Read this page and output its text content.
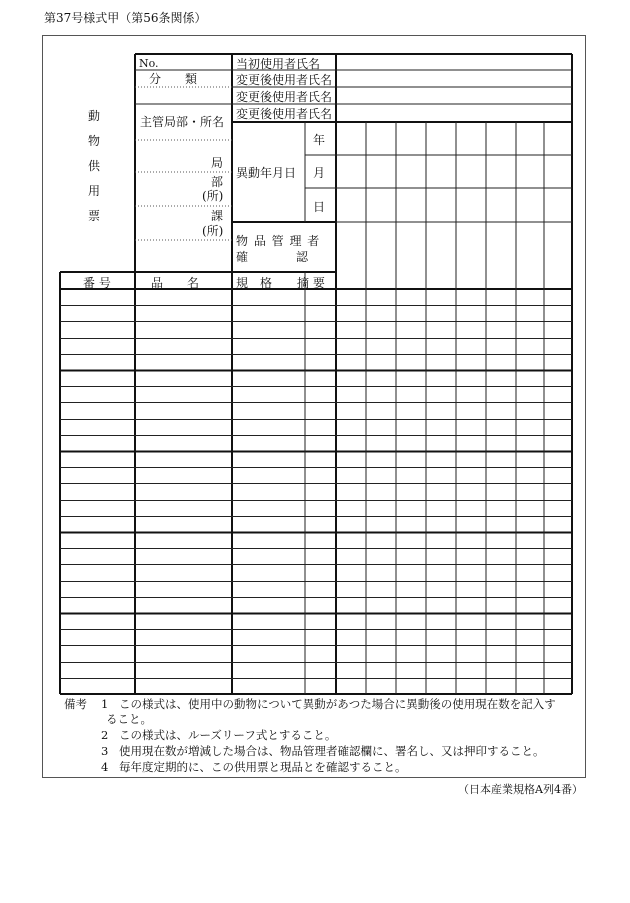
第37号様式甲（第56条関係）
動
物
供
用
票
No.
分　　類
主管局部・所名
局
部
(所)
課
(所)
当初使用者氏名
変更後使用者氏名
変更後使用者氏名
変更後使用者氏名
異動年月日
年
月
日
物 品 管 理 者
確　　　　認
番 号	品　　名	規　格 摘 要
備考 1 この様式は、使用中の動物について異動があつた場合に異動後の使用現在数を記入す
ること。
2 この様式は、ルーズリーフ式とすること。
3 使用現在数が増減した場合は、物品管理者確認欄に、署名し、又は押印すること。
4 毎年度定期的に、この供用票と現品とを確認すること。
（日本産業規格A列4番）
